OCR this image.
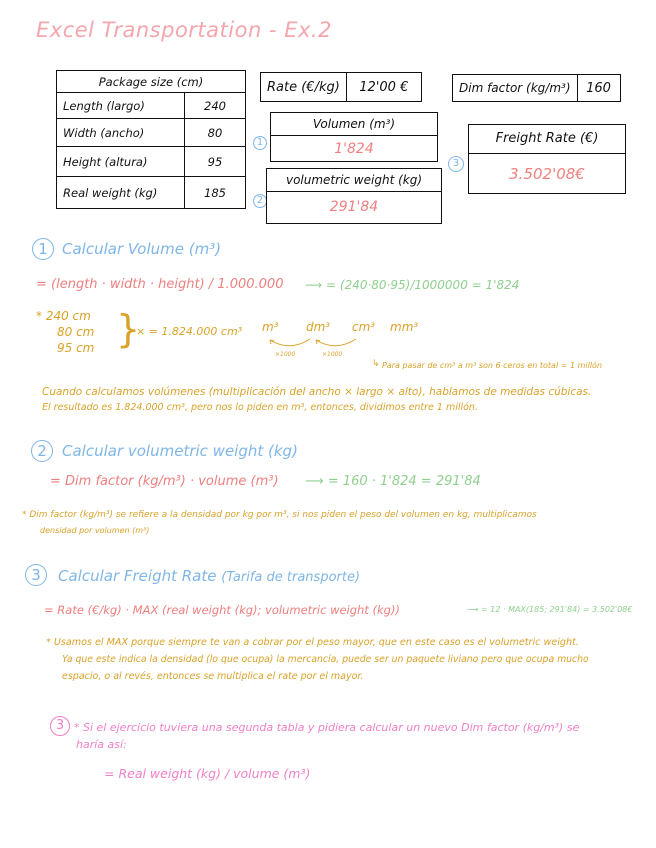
Excel Transportation - Ex.2
Package size (cm)	
Length (largo)	240
Width (ancho)	80
Height (altura)	95
Real weight (kg)	185
Rate (€/kg)	12'00 €	Dim factor (kg/m³)	160
1
Volumen (m³)
1'824
2
volumetric weight (kg)
291'84
3
Freight Rate (€)
3.502'08€
1 Calcular Volume (m³)
= (length · width · height) / 1.000.000 ⟶ = (240·80·95)/1000000 = 1'824
* 240 cm
80 cm
95 cm }
× = 1.824.000 cm³ m³ dm³ cm³ mm³
×1000	×1000
↳ Para pasar de cm³ a m³ son 6 ceros en total = 1 millón
Cuando calculamos volúmenes (multiplicación del ancho × largo × alto), hablamos de medidas cúbicas.
El resultado es 1.824.000 cm³, pero nos lo piden en m³, entonces, dividimos entre 1 millón.
2	Calcular volumetric weight (kg)
= Dim factor (kg/m³) · volume (m³) ⟶ = 160 · 1'824 = 291'84
* Dim factor (kg/m³) se refiere a la densidad por kg por m³, si nos piden el peso del volumen en kg, multiplicamos
densidad por volumen (m³)
3	Calcular Freight Rate (Tarifa de transporte)
= Rate (€/kg) · MAX (real weight (kg); volumetric weight (kg))	⟶ = 12 · MAX(185; 291'84) = 3.502'08€
* Usamos el MAX porque siempre te van a cobrar por el peso mayor, que en este caso es el volumetric weight.
Ya que este indica la densidad (lo que ocupa) la mercancía, puede ser un paquete liviano pero que ocupa mucho
espacio, o al revés, entonces se multiplica el rate por el mayor.
3 * Si el ejercicio tuviera una segunda tabla y pidiera calcular un nuevo Dim factor (kg/m³) se
haría así:
= Real weight (kg) / volume (m³)
